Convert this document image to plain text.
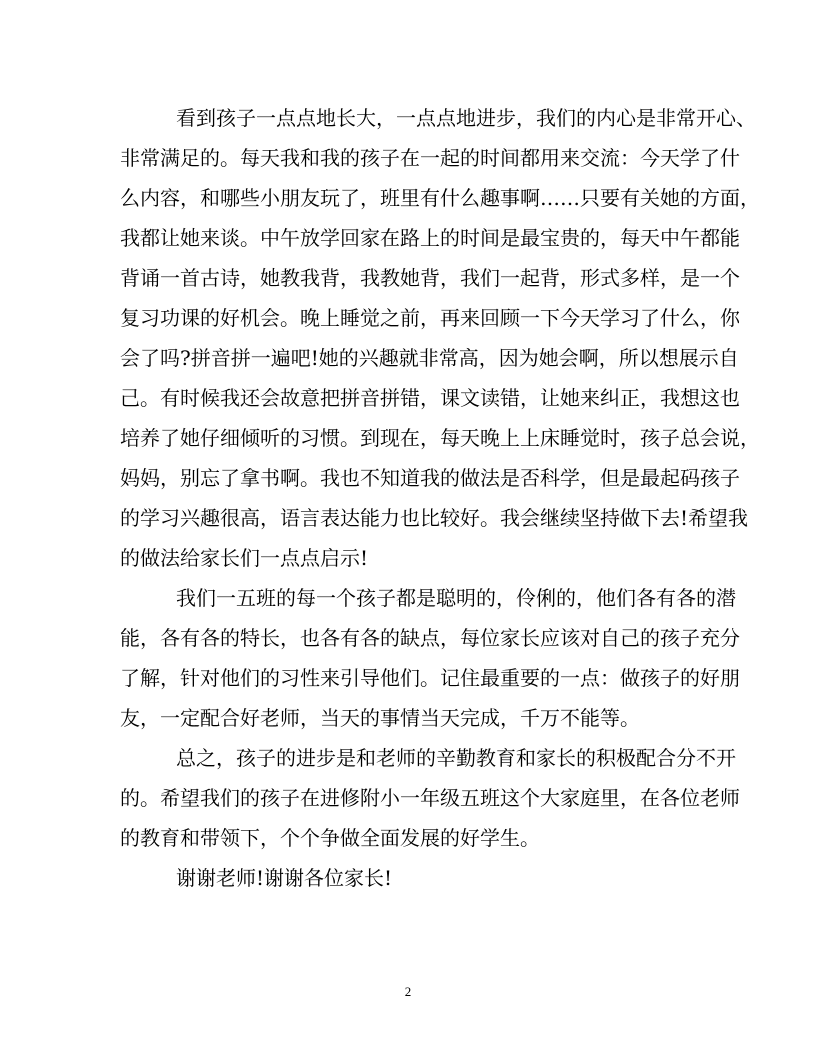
看到孩子一点点地长大，一点点地进步，我们的内心是非常开心、
非常满足的。每天我和我的孩子在一起的时间都用来交流：今天学了什
么内容，和哪些小朋友玩了，班里有什么趣事啊……只要有关她的方面，
我都让她来谈。中午放学回家在路上的时间是最宝贵的，每天中午都能
背诵一首古诗，她教我背，我教她背，我们一起背，形式多样，是一个
复习功课的好机会。晚上睡觉之前，再来回顾一下今天学习了什么，你
会了吗?拼音拼一遍吧!她的兴趣就非常高，因为她会啊，所以想展示自
己。有时候我还会故意把拼音拼错，课文读错，让她来纠正，我想这也
培养了她仔细倾听的习惯。到现在，每天晚上上床睡觉时，孩子总会说，
妈妈，别忘了拿书啊。我也不知道我的做法是否科学，但是最起码孩子
的学习兴趣很高，语言表达能力也比较好。我会继续坚持做下去!希望我
的做法给家长们一点点启示!
我们一五班的每一个孩子都是聪明的，伶俐的，他们各有各的潜
能，各有各的特长，也各有各的缺点，每位家长应该对自己的孩子充分
了解，针对他们的习性来引导他们。记住最重要的一点：做孩子的好朋
友，一定配合好老师，当天的事情当天完成，千万不能等。
总之，孩子的进步是和老师的辛勤教育和家长的积极配合分不开
的。希望我们的孩子在进修附小一年级五班这个大家庭里，在各位老师
的教育和带领下，个个争做全面发展的好学生。
谢谢老师!谢谢各位家长!
2
